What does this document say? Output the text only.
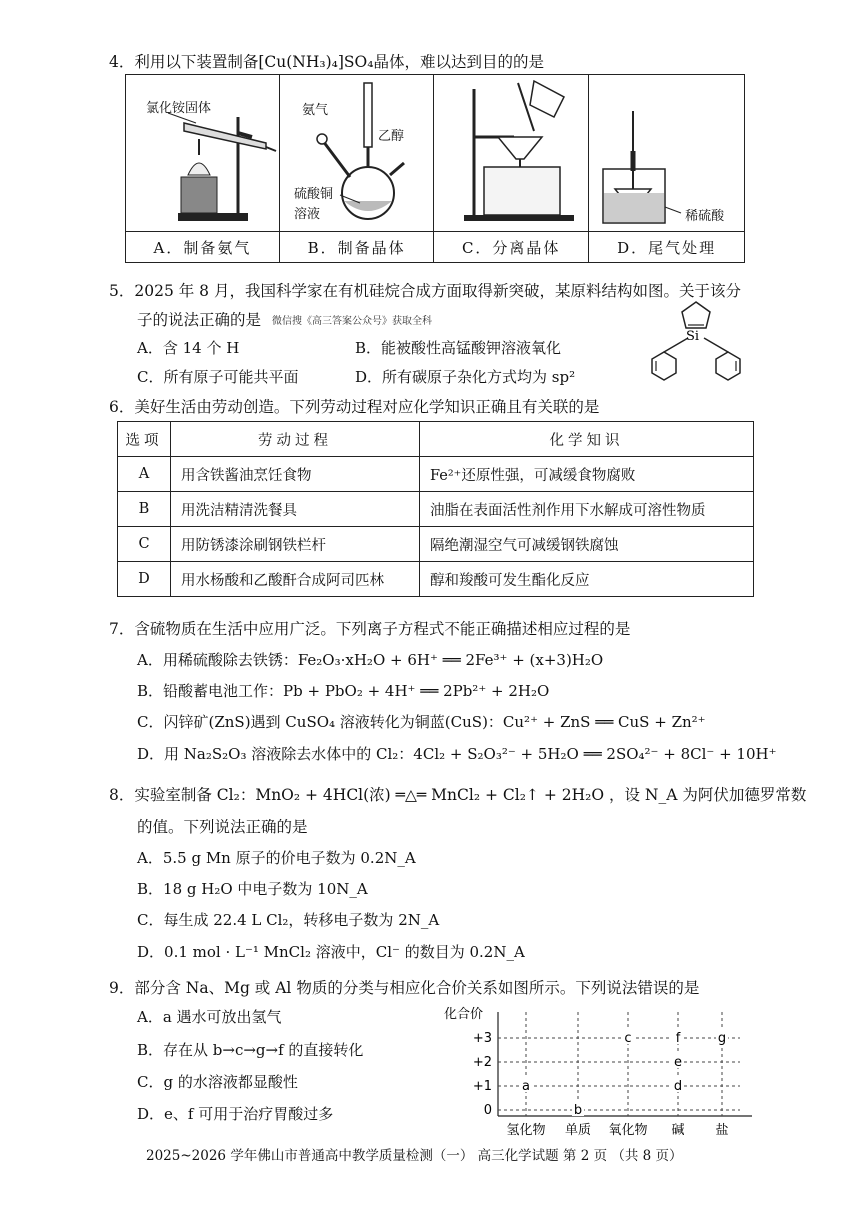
4．利用以下装置制备[Cu(NH₃)₄]SO₄晶体，难以达到目的的是
氯化铵固体	氨气
乙醇
硫酸铜
溶液		稀硫酸

A．制备氨气	B．制备晶体	C．分离晶体	D．尾气处理
5．2025 年 8 月，我国科学家在有机硅烷合成方面取得新突破，某原料结构如图。关于该分
子的说法正确的是 微信搜《高三答案公众号》获取全科
A．含 14 个 H	B．能被酸性高锰酸钾溶液氧化
C．所有原子可能共平面	D．所有碳原子杂化方式均为 sp²
Si
6．美好生活由劳动创造。下列劳动过程对应化学知识正确且有关联的是
选项	劳动过程	化学知识
A	用含铁酱油烹饪食物	Fe²⁺还原性强，可减缓食物腐败
B	用洗洁精清洗餐具	油脂在表面活性剂作用下水解成可溶性物质
C	用防锈漆涂刷钢铁栏杆	隔绝潮湿空气可减缓钢铁腐蚀
D	用水杨酸和乙酸酐合成阿司匹林	醇和羧酸可发生酯化反应
7．含硫物质在生活中应用广泛。下列离子方程式不能正确描述相应过程的是
A．用稀硫酸除去铁锈：Fe₂O₃·xH₂O + 6H⁺ ══ 2Fe³⁺ + (x+3)H₂O
B．铅酸蓄电池工作：Pb + PbO₂ + 4H⁺ ══ 2Pb²⁺ + 2H₂O
C．闪锌矿(ZnS)遇到 CuSO₄ 溶液转化为铜蓝(CuS)：Cu²⁺ + ZnS ══ CuS + Zn²⁺
D．用 Na₂S₂O₃ 溶液除去水体中的 Cl₂：4Cl₂ + S₂O₃²⁻ + 5H₂O ══ 2SO₄²⁻ + 8Cl⁻ + 10H⁺
8．实验室制备 Cl₂：MnO₂ + 4HCl(浓) ═△═ MnCl₂ + Cl₂↑ + 2H₂O ，设 N_A 为阿伏加德罗常数
的值。下列说法正确的是
A．5.5 g Mn 原子的价电子数为 0.2N_A
B．18 g H₂O 中电子数为 10N_A
C．每生成 22.4 L Cl₂，转移电子数为 2N_A
D．0.1 mol · L⁻¹ MnCl₂ 溶液中，Cl⁻ 的数目为 0.2N_A
9．部分含 Na、Mg 或 Al 物质的分类与相应化合价关系如图所示。下列说法错误的是
A．a 遇水可放出氢气
B．存在从 b→c→g→f 的直接转化
C．g 的水溶液都显酸性
D．e、f 可用于治疗胃酸过多
化合价
+3
+2
+1
0
氢化物 单质 氧化物 碱 盐
a
b
c
d
e
f	g
2025~2026 学年佛山市普通高中教学质量检测（一） 高三化学试题 第 2 页 （共 8 页）
